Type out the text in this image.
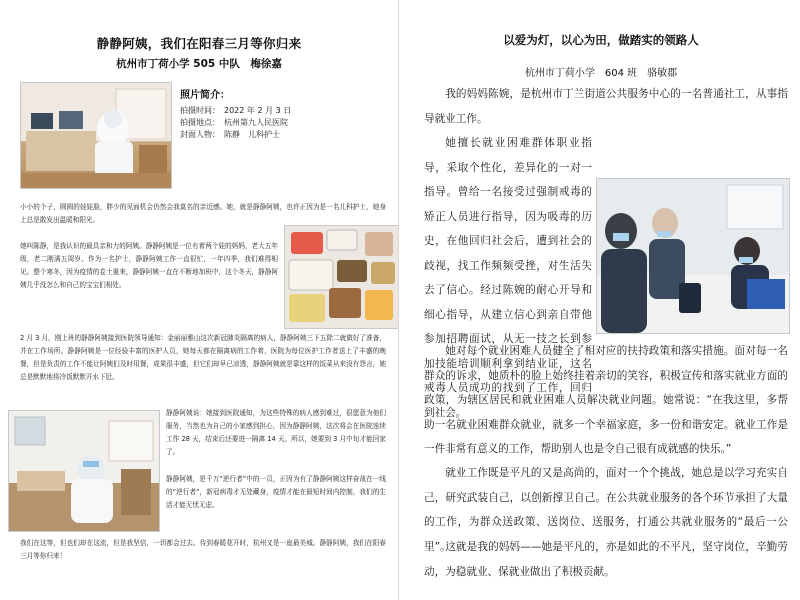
静静阿姨，我们在阳春三月等你归来
杭州市丁荷小学 505 中队　梅徐嘉
照片简介：
拍摄时间：　2022 年 2 月 3 日
拍摄地点：　杭州第九人民医院
封面人物：　陈静　儿科护士

小小的个子，圆圆的娃娃脸，胖少的见面机会仍然会我莫名的亲近感。她，就是静静阿姨，也许正因为是一名儿科护士，她身上总是散发出温暖和阳光。

她叫陈静，是我认识的最具亲和力的阿姨。静静阿姨是一位有着两个娃的妈妈，老大五年级，老二刚满五周岁。作为一名护士，静静阿姨工作一直很忙，一年四季，我们难得相见。整个寒冬，因为疫情的卷土重来，静静阿姨一直在不断地加班中，这个冬天，静静阿姨几乎没怎么和自己的宝宝们相处。

2 月 3 月，刚上班的静静阿姨接到医院领导通知：金丽丽雅山这次新冠肺炎隔离的病人，静静阿姨三下五除二就做好了准备，并在工作场所。静静阿姨是一位经验丰富的医护人员，她每天都在隔离病的工作着，医院为每位医护工作者送上了丰盛的晚餐，但是负责的工作不能让阿姨们及时用餐，或果很丰盛，但它们却早已凉透，静静阿姨就是靠这样的饭菜从来没有怨言，她总是默默地将冷饭默默开水下肚。

静静阿姨说：她接到医院通知，为这些特殊的病人感到难过，很愿意为他们服务，当然也为自己的小家感到担心，因为静静阿姨，这次将会在医院连续工作 28 天，结束后还要进一隔离 14 天。所以，她要到 3 月中旬才能回家了。

静静阿姨，是千万“逆行者”中的一员，正因为有了静静阿姨这样奋战在一线的“逆行者”，新冠病毒才无处藏身，疫情才能在最短时间内控制，我们的生活才能无忧无虑。

我们在这等，但也们却在这流，但是我坚信，一切都会过去。待到春暖花开时，杭州又是一座最美城。静静阿姨，我们在阳春三月等你归来！

以爱为灯，以心为田，做踏实的领路人
杭州市丁荷小学　604 班　骆敏郡

我的妈妈陈婉，是杭州市丁兰街道公共服务中心的一名普通社工，从事指导就业工作。

她擅长就业困难群体职业指导，采取个性化，差异化的一对一指导。曾给一名接受过强制戒毒的矫正人员进行指导，因为吸毒的历史，在他回归社会后，遭到社会的歧视，找工作频频受挫，对生活失去了信心。经过陈婉的耐心开导和细心指导，从建立信心到亲自带他参加招聘面试，从无一技之长到参加技能培训顺利拿到结业证，这名戒毒人员成功的找到了工作，回归到社会。

她对每个就业困难人员健全了相对应的扶持政策和落实措施。面对每一名群众的诉求，她质朴的脸上始终挂着亲切的笑容，积极宣传和落实就业方面的政策，为辖区居民和就业困难人员解决就业问题。她常说：“在我这里，多帮助一名就业困难群众就业，就多一个幸福家庭，多一份和谐安定。就业工作是一件非常有意义的工作，帮助别人也是令自己很有成就感的快乐。”

就业工作既是平凡的又是高尚的，面对一个个挑战，她总是以学习充实自己，研究武装自己，以创新撑卫自己。在公共就业服务的各个环节承担了大量的工作，为群众送政策、送岗位、送服务，打通公共就业服务的“最后一公里”。

这就是我的妈妈——她是平凡的，亦是如此的不平凡，坚守岗位，辛勤劳动，为稳就业、保就业做出了积极贡献。
